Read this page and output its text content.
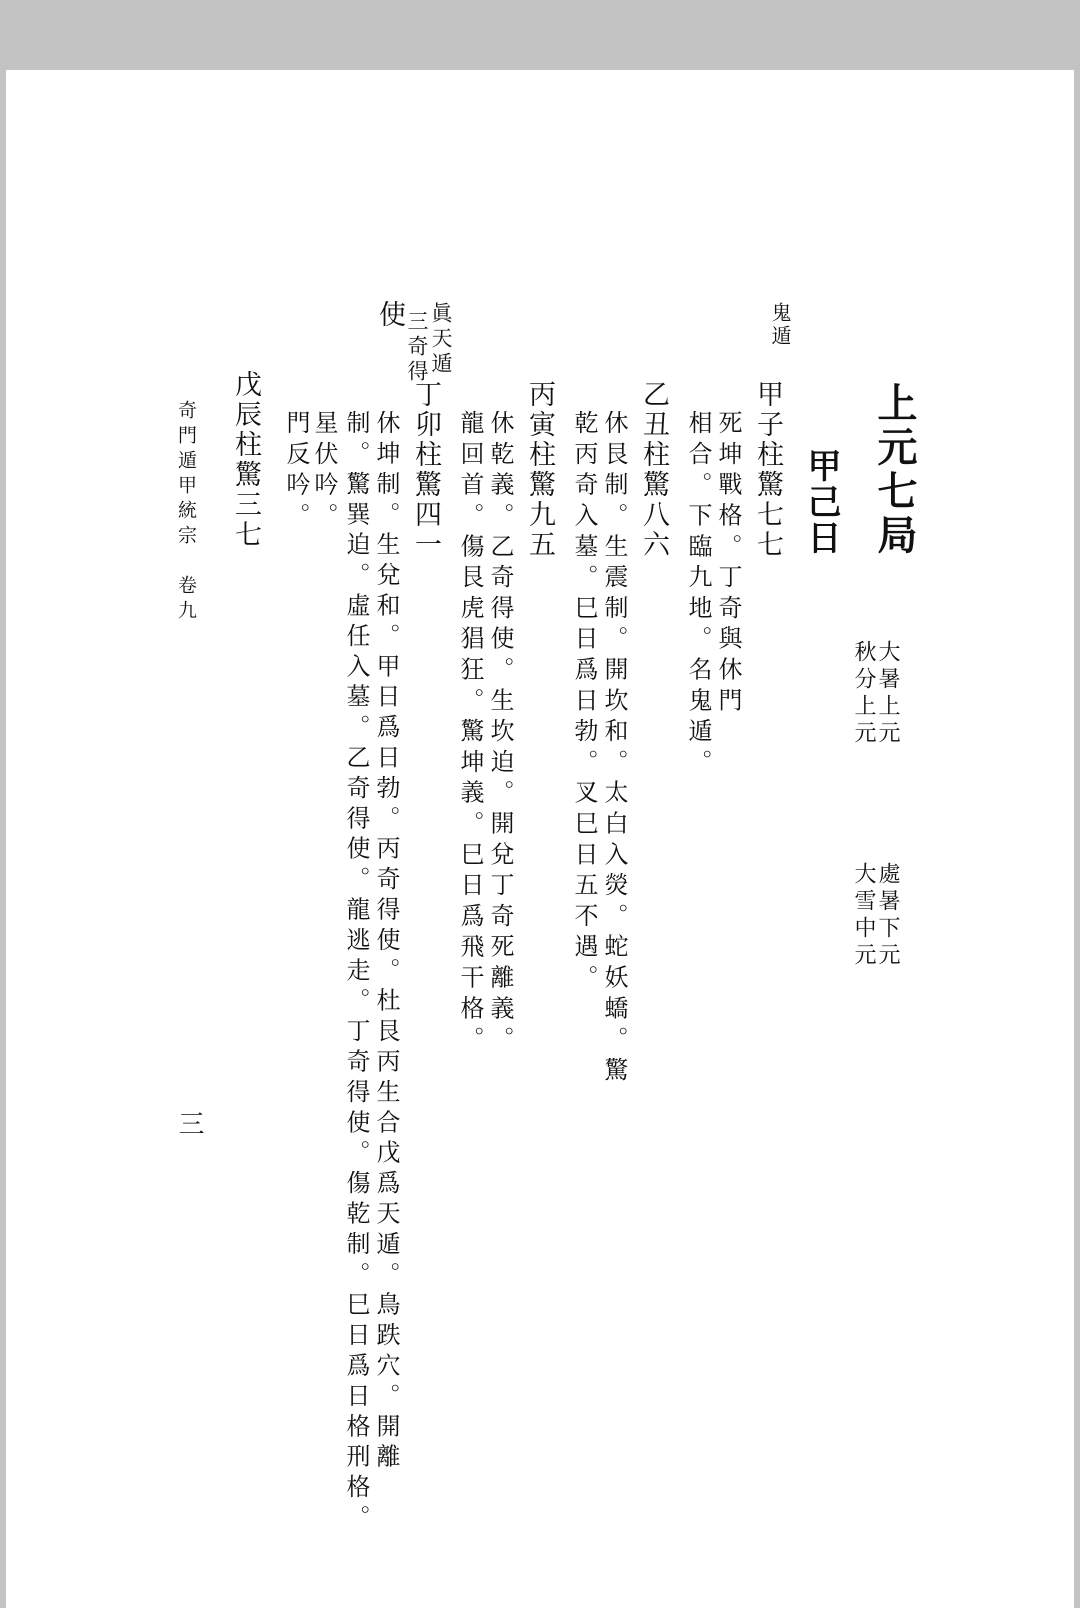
上元七局
甲己日
大暑上元
秋分上元
處暑下元
大雪中元
鬼遁
甲子柱驚七七
死坤戰格。丁奇與休門
相合。下臨九地。名鬼遁。
乙丑柱驚八六
休艮制。生震制。開坎和。太白入熒。蛇妖蟜。驚
乾丙奇入墓。巳日爲日勃。叉巳日五不遇。
丙寅柱驚九五
休乾義。乙奇得使。生坎迫。開兌丁奇死離義。
龍回首。傷艮虎猖狂。驚坤義。巳日爲飛干格。
眞天遁
三奇得
使
丁卯柱驚四一
休坤制。生兌和。甲日爲日勃。丙奇得使。杜艮丙生合戊爲天遁。鳥跌穴。開離
制。驚巽迫。虛任入墓。乙奇得使。龍逃走。丁奇得使。傷乾制。巳日爲日格刑格。
星伏吟。
門反吟。
戊辰柱驚三七
奇門遁甲統宗　卷九
三
